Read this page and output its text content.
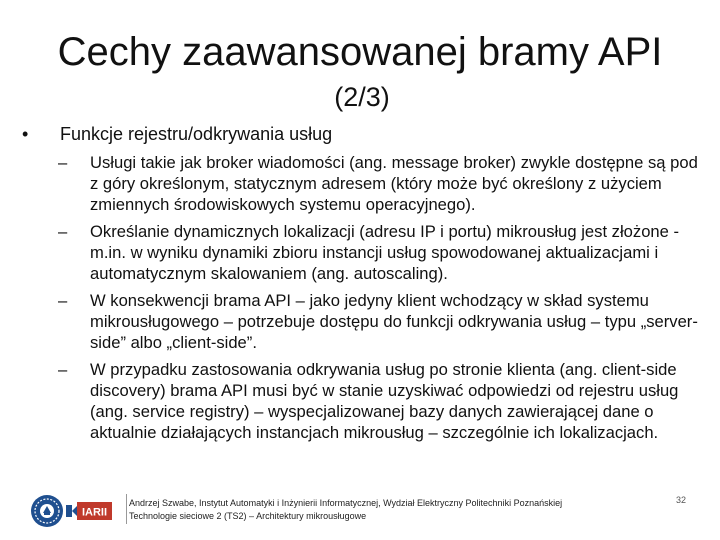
Cechy zaawansowanej bramy API
(2/3)
•	Funkcje rejestru/odkrywania usług
–	Usługi takie jak broker wiadomości (ang. message broker) zwykle dostępne są pod z góry określonym, statycznym adresem (który może być określony z użyciem zmiennych środowiskowych systemu operacyjnego).
–	Określanie dynamicznych lokalizacji (adresu IP i portu) mikrousług jest złożone - m.in. w wyniku dynamiki zbioru instancji usług spowodowanej aktualizacjami i automatycznym skalowaniem (ang. autoscaling).
–	W konsekwencji brama API – jako jedyny klient wchodzący w skład systemu mikrousługowego – potrzebuje dostępu do funkcji odkrywania usług – typu „server-side” albo „client-side”.
–	W przypadku zastosowania odkrywania usług po stronie klienta (ang. client-side discovery) brama API musi być w stanie uzyskiwać odpowiedzi od rejestru usług (ang. service registry) – wyspecjalizowanej bazy danych zawierającej dane o aktualnie działających instancjach mikrousług – szczególnie ich lokalizacjach.
IARII
Andrzej Szwabe, Instytut Automatyki i Inżynierii Informatycznej, Wydział Elektryczny Politechniki Poznańskiej
Technologie sieciowe 2 (TS2) – Architektury mikrousługowe
32
